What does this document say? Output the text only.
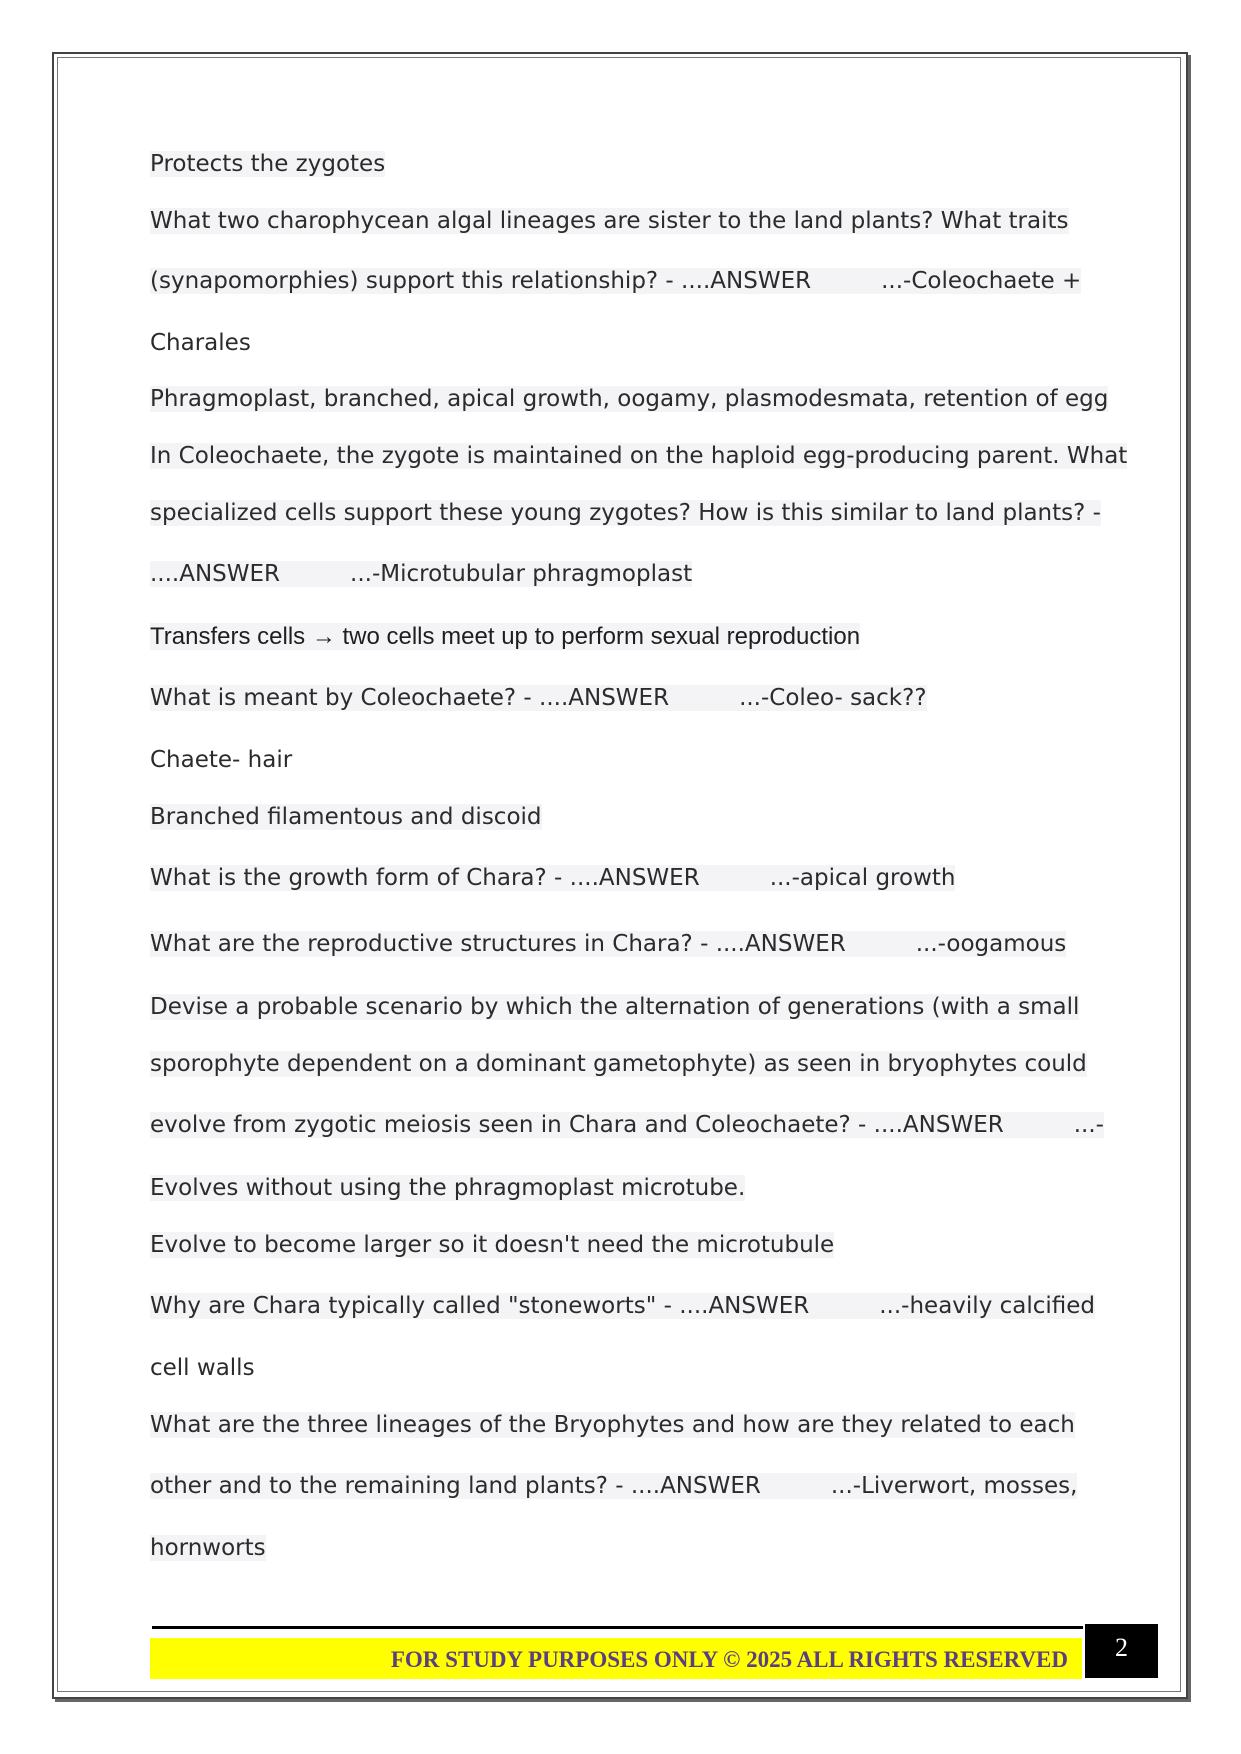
Protects the zygotes
What two charophycean algal lineages are sister to the land plants? What traits
(synapomorphies) support this relationship? - ....ANSWER	...-Coleochaete +
Charales
Phragmoplast, branched, apical growth, oogamy, plasmodesmata, retention of egg
In Coleochaete, the zygote is maintained on the haploid egg-producing parent. What
specialized cells support these young zygotes? How is this similar to land plants? -
....ANSWER	...-Microtubular phragmoplast
Transfers cells → two cells meet up to perform sexual reproduction
What is meant by Coleochaete? - ....ANSWER	...-Coleo- sack??
Chaete- hair
Branched filamentous and discoid
What is the growth form of Chara? - ....ANSWER	...-apical growth
What are the reproductive structures in Chara? - ....ANSWER	...-oogamous
Devise a probable scenario by which the alternation of generations (with a small
sporophyte dependent on a dominant gametophyte) as seen in bryophytes could
evolve from zygotic meiosis seen in Chara and Coleochaete? - ....ANSWER	...-
Evolves without using the phragmoplast microtube.
Evolve to become larger so it doesn't need the microtubule
Why are Chara typically called "stoneworts" - ....ANSWER	...-heavily calcified
cell walls
What are the three lineages of the Bryophytes and how are they related to each
other and to the remaining land plants? - ....ANSWER	...-Liverwort, mosses,
hornworts
FOR STUDY PURPOSES ONLY © 2025 ALL RIGHTS RESERVED	2
